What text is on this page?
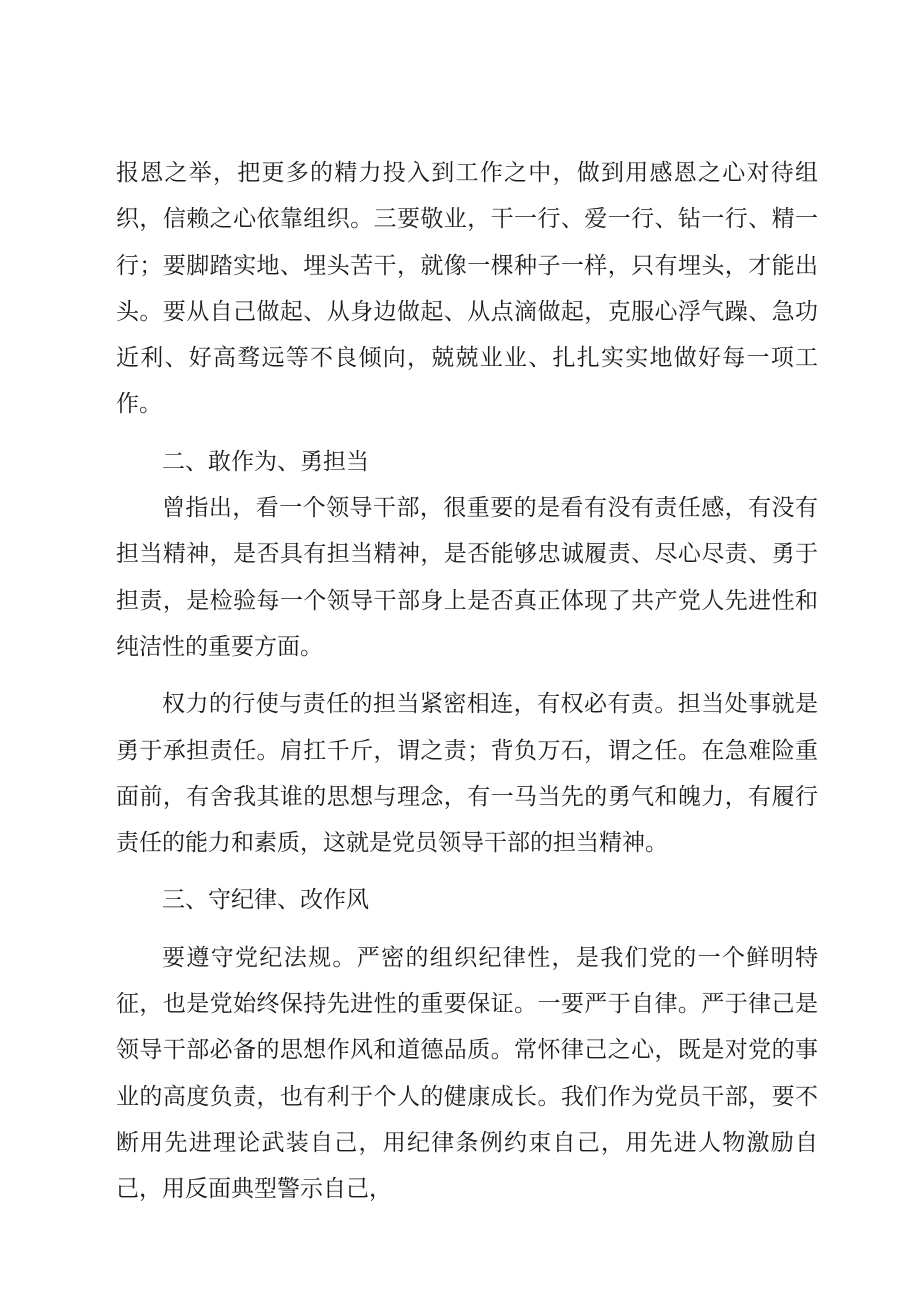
报恩之举，把更多的精力投入到工作之中，做到用感恩之心对待组织，信赖之心依靠组织。三要敬业，干一行、爱一行、钻一行、精一行；要脚踏实地、埋头苦干，就像一棵种子一样，只有埋头，才能出头。要从自己做起、从身边做起、从点滴做起，克服心浮气躁、急功近利、好高骛远等不良倾向，兢兢业业、扎扎实实地做好每一项工作。

二、敢作为、勇担当

曾指出，看一个领导干部，很重要的是看有没有责任感，有没有担当精神，是否具有担当精神，是否能够忠诚履责、尽心尽责、勇于担责，是检验每一个领导干部身上是否真正体现了共产党人先进性和纯洁性的重要方面。

权力的行使与责任的担当紧密相连，有权必有责。担当处事就是勇于承担责任。肩扛千斤，谓之责；背负万石，谓之任。在急难险重面前，有舍我其谁的思想与理念，有一马当先的勇气和魄力，有履行责任的能力和素质，这就是党员领导干部的担当精神。

三、守纪律、改作风

要遵守党纪法规。严密的组织纪律性，是我们党的一个鲜明特征，也是党始终保持先进性的重要保证。一要严于自律。严于律己是领导干部必备的思想作风和道德品质。常怀律己之心，既是对党的事业的高度负责，也有利于个人的健康成长。我们作为党员干部，要不断用先进理论武装自己，用纪律条例约束自己，用先进人物激励自己，用反面典型警示自己，
